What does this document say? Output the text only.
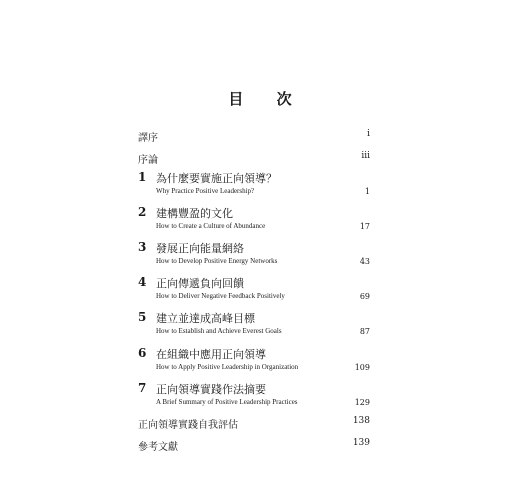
目 次
譯序	i
序論	iii
1 為什麼要實施正向領導？
Why Practice Positive Leadership?	1
2 建構豐盈的文化
How to Create a Culture of Abundance	17
3 發展正向能量網絡
How to Develop Positive Energy Networks	43
4 正向傳遞負向回饋
How to Deliver Negative Feedback Positively	69
5 建立並達成高峰目標
How to Establish and Achieve Everest Goals	87
6 在組織中應用正向領導
How to Apply Positive Leadership in Organization	109
7 正向領導實踐作法摘要
A Brief Summary of Positive Leadership Practices	129
正向領導實踐自我評估	138
參考文獻	139
